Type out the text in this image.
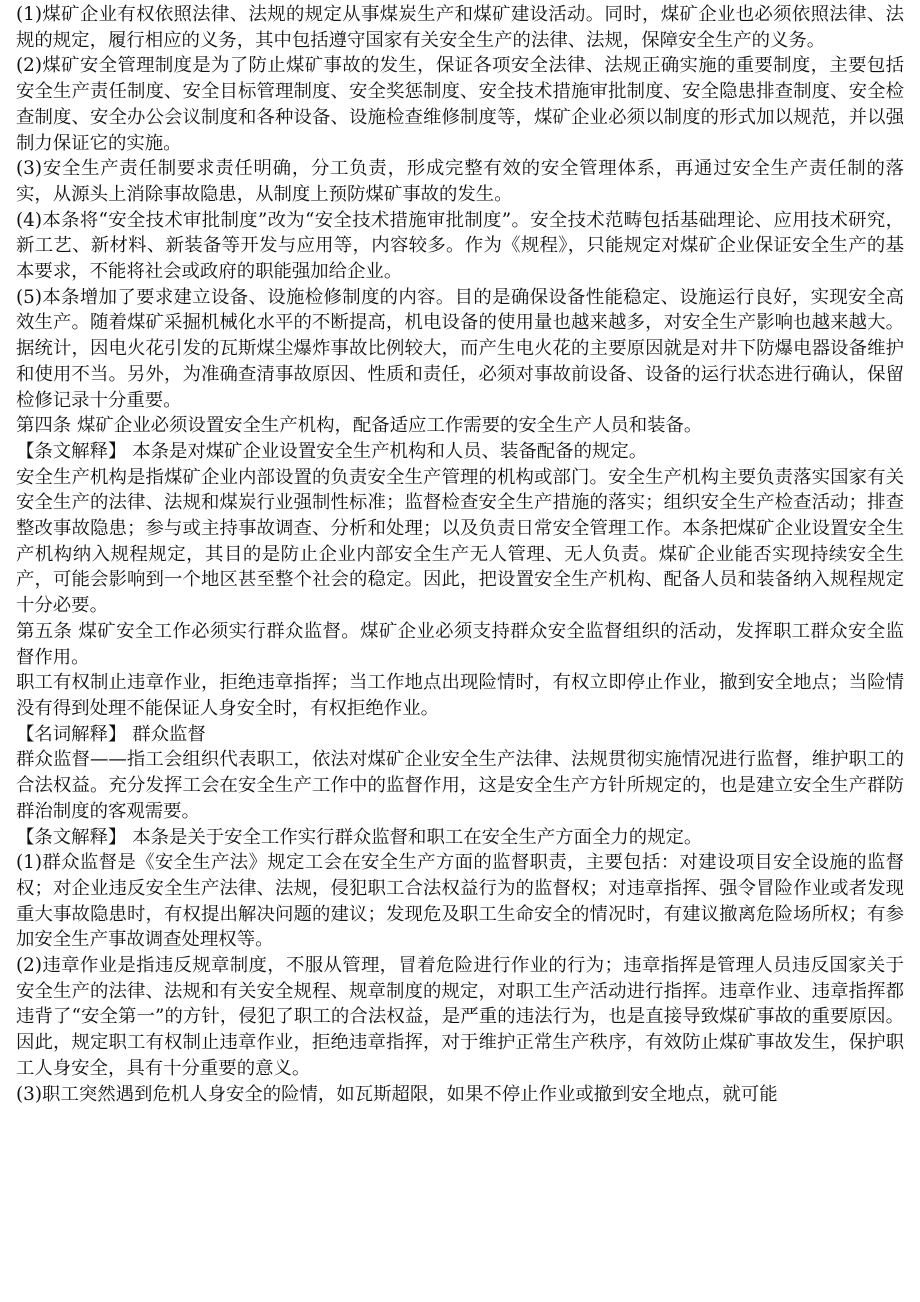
(1)煤矿企业有权依照法律、法规的规定从事煤炭生产和煤矿建设活动。同时，煤矿企业也必须依照法律、法规的规定，履行相应的义务，其中包括遵守国家有关安全生产的法律、法规，保障安全生产的义务。

(2)煤矿安全管理制度是为了防止煤矿事故的发生，保证各项安全法律、法规正确实施的重要制度，主要包括安全生产责任制度、安全目标管理制度、安全奖惩制度、安全技术措施审批制度、安全隐患排查制度、安全检查制度、安全办公会议制度和各种设备、设施检查维修制度等，煤矿企业必须以制度的形式加以规范，并以强制力保证它的实施。

(3)安全生产责任制要求责任明确，分工负责，形成完整有效的安全管理体系，再通过安全生产责任制的落实，从源头上消除事故隐患，从制度上预防煤矿事故的发生。

(4)本条将“安全技术审批制度”改为“安全技术措施审批制度”。安全技术范畴包括基础理论、应用技术研究，新工艺、新材料、新装备等开发与应用等，内容较多。作为《规程》，只能规定对煤矿企业保证安全生产的基本要求，不能将社会或政府的职能强加给企业。

(5)本条增加了要求建立设备、设施检修制度的内容。目的是确保设备性能稳定、设施运行良好，实现安全高效生产。随着煤矿采掘机械化水平的不断提高，机电设备的使用量也越来越多，对安全生产影响也越来越大。据统计，因电火花引发的瓦斯煤尘爆炸事故比例较大，而产生电火花的主要原因就是对井下防爆电器设备维护和使用不当。另外，为准确查清事故原因、性质和责任，必须对事故前设备、设备的运行状态进行确认，保留检修记录十分重要。

第四条 煤矿企业必须设置安全生产机构，配备适应工作需要的安全生产人员和装备。

【条文解释】 本条是对煤矿企业设置安全生产机构和人员、装备配备的规定。

安全生产机构是指煤矿企业内部设置的负责安全生产管理的机构或部门。安全生产机构主要负责落实国家有关安全生产的法律、法规和煤炭行业强制性标准；监督检查安全生产措施的落实；组织安全生产检查活动；排查整改事故隐患；参与或主持事故调查、分析和处理；以及负责日常安全管理工作。本条把煤矿企业设置安全生产机构纳入规程规定，其目的是防止企业内部安全生产无人管理、无人负责。煤矿企业能否实现持续安全生产，可能会影响到一个地区甚至整个社会的稳定。因此，把设置安全生产机构、配备人员和装备纳入规程规定十分必要。

第五条 煤矿安全工作必须实行群众监督。煤矿企业必须支持群众安全监督组织的活动，发挥职工群众安全监督作用。

职工有权制止违章作业，拒绝违章指挥；当工作地点出现险情时，有权立即停止作业，撤到安全地点；当险情没有得到处理不能保证人身安全时，有权拒绝作业。

【名词解释】 群众监督

群众监督——指工会组织代表职工，依法对煤矿企业安全生产法律、法规贯彻实施情况进行监督，维护职工的合法权益。充分发挥工会在安全生产工作中的监督作用，这是安全生产方针所规定的，也是建立安全生产群防群治制度的客观需要。

【条文解释】 本条是关于安全工作实行群众监督和职工在安全生产方面全力的规定。

(1)群众监督是《安全生产法》规定工会在安全生产方面的监督职责，主要包括：对建设项目安全设施的监督权；对企业违反安全生产法律、法规，侵犯职工合法权益行为的监督权；对违章指挥、强令冒险作业或者发现重大事故隐患时，有权提出解决问题的建议；发现危及职工生命安全的情况时，有建议撤离危险场所权；有参加安全生产事故调查处理权等。

(2)违章作业是指违反规章制度，不服从管理，冒着危险进行作业的行为；违章指挥是管理人员违反国家关于安全生产的法律、法规和有关安全规程、规章制度的规定，对职工生产活动进行指挥。违章作业、违章指挥都违背了“安全第一”的方针，侵犯了职工的合法权益，是严重的违法行为，也是直接导致煤矿事故的重要原因。因此，规定职工有权制止违章作业，拒绝违章指挥，对于维护正常生产秩序，有效防止煤矿事故发生，保护职工人身安全，具有十分重要的意义。

(3)职工突然遇到危机人身安全的险情，如瓦斯超限，如果不停止作业或撤到安全地点，就可能
